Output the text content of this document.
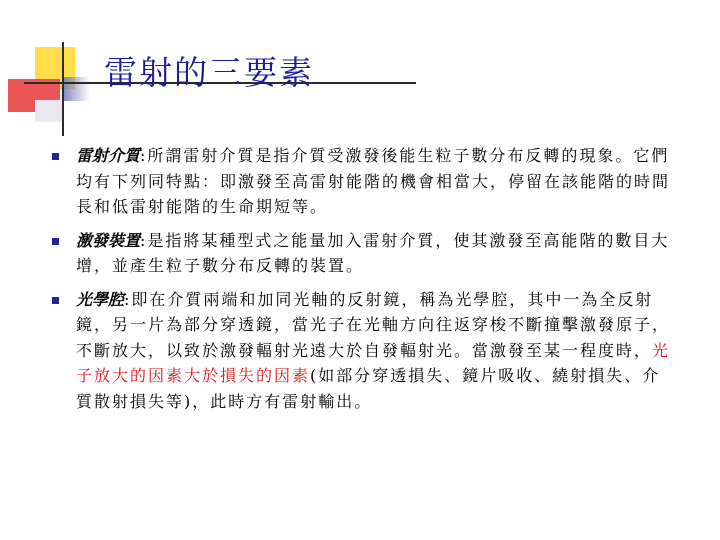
雷射的三要素
雷射介質:所謂雷射介質是指介質受激發後能生粒子數分布反轉的現象。它們均有下列同特點：即激發至高雷射能階的機會相當大，停留在該能階的時間長和低雷射能階的生命期短等。
激發裝置:是指將某種型式之能量加入雷射介質，使其激發至高能階的數目大增，並產生粒子數分布反轉的裝置。
光學腔:即在介質兩端和加同光軸的反射鏡，稱為光學腔，其中一為全反射鏡，另一片為部分穿透鏡，當光子在光軸方向往返穿梭不斷撞擊激發原子，不斷放大，以致於激發輻射光遠大於自發輻射光。當激發至某一程度時，光子放大的因素大於損失的因素(如部分穿透損失、鏡片吸收、繞射損失、介質散射損失等)，此時方有雷射輸出。
